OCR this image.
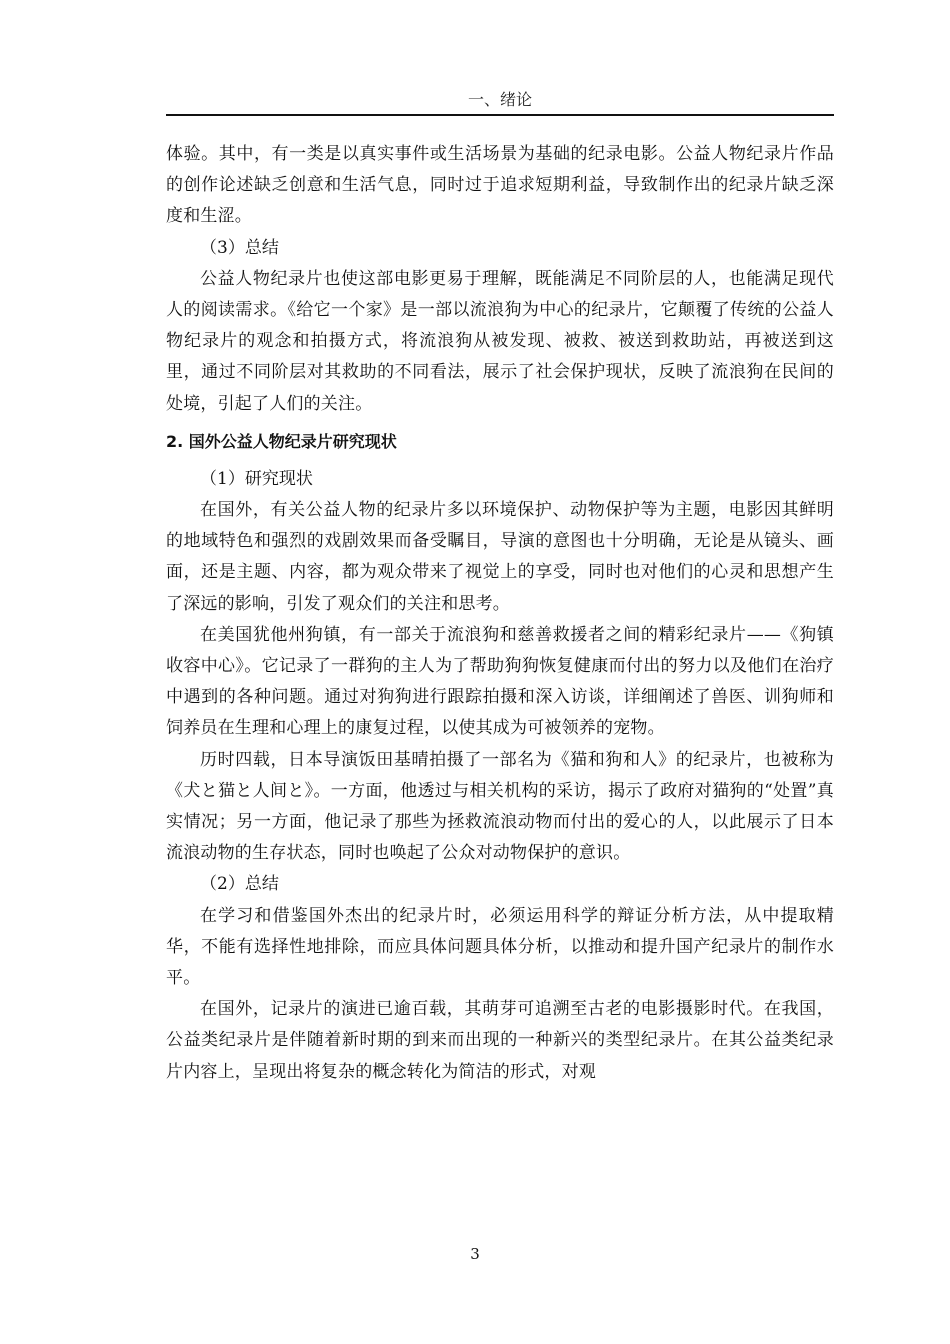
一、绪论

体验。其中，有一类是以真实事件或生活场景为基础的纪录电影。公益人物纪录片作品的创作论述缺乏创意和生活气息，同时过于追求短期利益，导致制作出的纪录片缺乏深度和生涩。

（3）总结

公益人物纪录片也使这部电影更易于理解，既能满足不同阶层的人，也能满足现代人的阅读需求。《给它一个家》是一部以流浪狗为中心的纪录片，它颠覆了传统的公益人物纪录片的观念和拍摄方式，将流浪狗从被发现、被救、被送到救助站，再被送到这里，通过不同阶层对其救助的不同看法，展示了社会保护现状，反映了流浪狗在民间的处境，引起了人们的关注。

2. 国外公益人物纪录片研究现状

（1）研究现状

在国外，有关公益人物的纪录片多以环境保护、动物保护等为主题，电影因其鲜明的地域特色和强烈的戏剧效果而备受瞩目，导演的意图也十分明确，无论是从镜头、画面，还是主题、内容，都为观众带来了视觉上的享受，同时也对他们的心灵和思想产生了深远的影响，引发了观众们的关注和思考。

在美国犹他州狗镇，有一部关于流浪狗和慈善救援者之间的精彩纪录片——《狗镇收容中心》。它记录了一群狗的主人为了帮助狗狗恢复健康而付出的努力以及他们在治疗中遇到的各种问题。通过对狗狗进行跟踪拍摄和深入访谈，详细阐述了兽医、训狗师和饲养员在生理和心理上的康复过程，以使其成为可被领养的宠物。

历时四载，日本导演饭田基晴拍摄了一部名为《猫和狗和人》的纪录片，也被称为《犬と猫と人间と》。一方面，他透过与相关机构的采访，揭示了政府对猫狗的“处置”真实情况；另一方面，他记录了那些为拯救流浪动物而付出的爱心的人，以此展示了日本流浪动物的生存状态，同时也唤起了公众对动物保护的意识。

（2）总结

在学习和借鉴国外杰出的纪录片时，必须运用科学的辩证分析方法，从中提取精华，不能有选择性地排除，而应具体问题具体分析，以推动和提升国产纪录片的制作水平。

在国外，记录片的演进已逾百载，其萌芽可追溯至古老的电影摄影时代。在我国，公益类纪录片是伴随着新时期的到来而出现的一种新兴的类型纪录片。在其公益类纪录片内容上，呈现出将复杂的概念转化为简洁的形式，对观

3
